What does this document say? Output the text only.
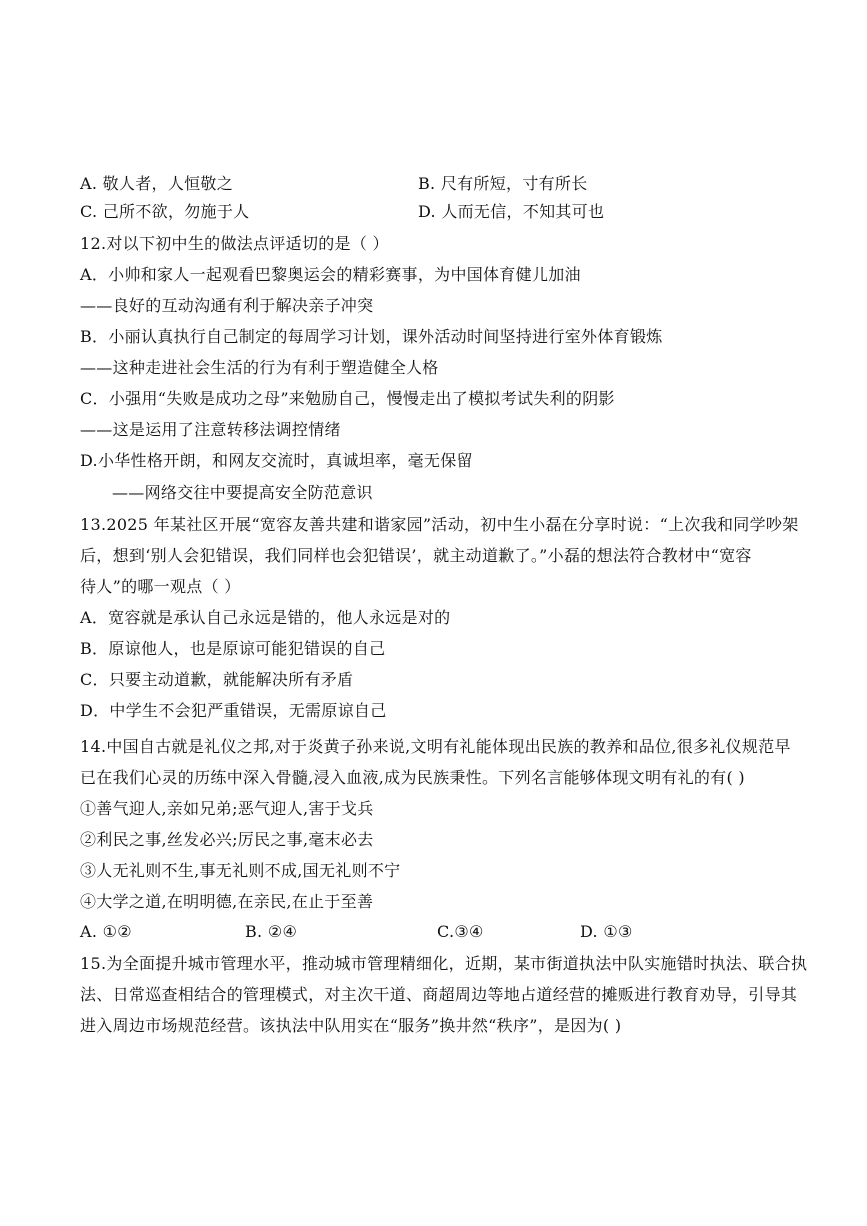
A. 敬人者，人恒敬之	B. 尺有所短，寸有所长
C. 己所不欲，勿施于人	D. 人而无信，不知其可也
12.对以下初中生的做法点评适切的是（ ）
A．小帅和家人一起观看巴黎奥运会的精彩赛事，为中国体育健儿加油
——良好的互动沟通有利于解决亲子冲突
B．小丽认真执行自己制定的每周学习计划，课外活动时间坚持进行室外体育锻炼
——这种走进社会生活的行为有利于塑造健全人格
C．小强用“失败是成功之母”来勉励自己，慢慢走出了模拟考试失利的阴影
——这是运用了注意转移法调控情绪
D.小华性格开朗，和网友交流时，真诚坦率，毫无保留
——网络交往中要提高安全防范意识
13.2025 年某社区开展“宽容友善共建和谐家园”活动，初中生小磊在分享时说：“上次我和同学吵架
后，想到‘别人会犯错误，我们同样也会犯错误’，就主动道歉了。”小磊的想法符合教材中“宽容
待人”的哪一观点（ ）
A．宽容就是承认自己永远是错的，他人永远是对的
B．原谅他人，也是原谅可能犯错误的自己
C．只要主动道歉，就能解决所有矛盾
D．中学生不会犯严重错误，无需原谅自己
14.中国自古就是礼仪之邦,对于炎黄子孙来说,文明有礼能体现出民族的教养和品位,很多礼仪规范早
已在我们心灵的历练中深入骨髓,浸入血液,成为民族秉性。下列名言能够体现文明有礼的有( )
①善气迎人,亲如兄弟;恶气迎人,害于戈兵
②利民之事,丝发必兴;厉民之事,毫末必去
③人无礼则不生,事无礼则不成,国无礼则不宁
④大学之道,在明明德,在亲民,在止于至善
A. ①②	B. ②④	C.③④	D. ①③
15.为全面提升城市管理水平，推动城市管理精细化，近期，某市街道执法中队实施错时执法、联合执
法、日常巡查相结合的管理模式，对主次干道、商超周边等地占道经营的摊贩进行教育劝导，引导其
进入周边市场规范经营。该执法中队用实在“服务”换井然“秩序”，是因为( )
